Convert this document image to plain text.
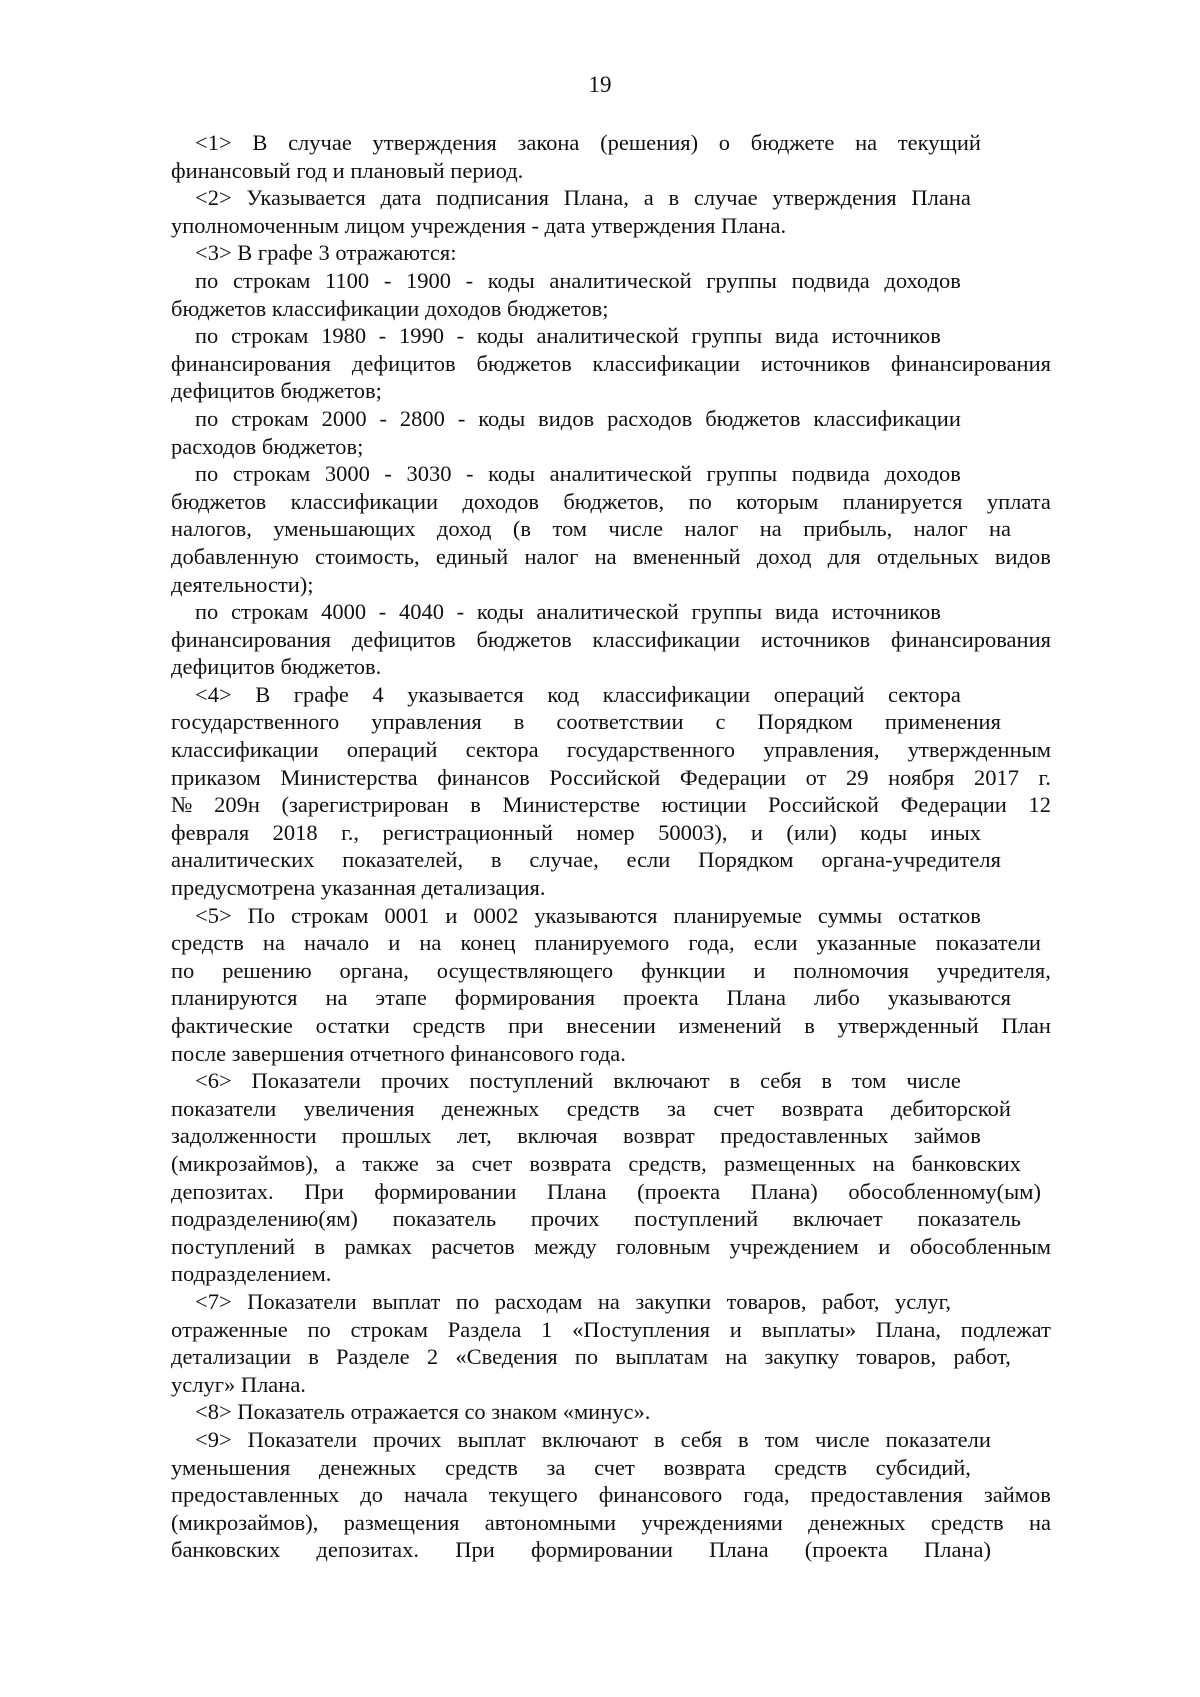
19
<1> В случае утверждения закона (решения) о бюджете на текущий
финансовый год и плановый период.
<2> Указывается дата подписания Плана, а в случае утверждения Плана
уполномоченным лицом учреждения - дата утверждения Плана.
<3> В графе 3 отражаются:
по строкам 1100 - 1900 - коды аналитической группы подвида доходов
бюджетов классификации доходов бюджетов;
по строкам 1980 - 1990 - коды аналитической группы вида источников
финансирования дефицитов бюджетов классификации источников финансирования
дефицитов бюджетов;
по строкам 2000 - 2800 - коды видов расходов бюджетов классификации
расходов бюджетов;
по строкам 3000 - 3030 - коды аналитической группы подвида доходов
бюджетов классификации доходов бюджетов, по которым планируется уплата
налогов, уменьшающих доход (в том числе налог на прибыль, налог на
добавленную стоимость, единый налог на вмененный доход для отдельных видов
деятельности);
по строкам 4000 - 4040 - коды аналитической группы вида источников
финансирования дефицитов бюджетов классификации источников финансирования
дефицитов бюджетов.
<4> В графе 4 указывается код классификации операций сектора
государственного управления в соответствии с Порядком применения
классификации операций сектора государственного управления, утвержденным
приказом Министерства финансов Российской Федерации от 29 ноября 2017 г.
№ 209н (зарегистрирован в Министерстве юстиции Российской Федерации 12
февраля 2018 г., регистрационный номер 50003), и (или) коды иных
аналитических показателей, в случае, если Порядком органа-учредителя
предусмотрена указанная детализация.
<5> По строкам 0001 и 0002 указываются планируемые суммы остатков
средств на начало и на конец планируемого года, если указанные показатели
по решению органа, осуществляющего функции и полномочия учредителя,
планируются на этапе формирования проекта Плана либо указываются
фактические остатки средств при внесении изменений в утвержденный План
после завершения отчетного финансового года.
<6> Показатели прочих поступлений включают в себя в том числе
показатели увеличения денежных средств за счет возврата дебиторской
задолженности прошлых лет, включая возврат предоставленных займов
(микрозаймов), а также за счет возврата средств, размещенных на банковских
депозитах. При формировании Плана (проекта Плана) обособленному(ым)
подразделению(ям) показатель прочих поступлений включает показатель
поступлений в рамках расчетов между головным учреждением и обособленным
подразделением.
<7> Показатели выплат по расходам на закупки товаров, работ, услуг,
отраженные по строкам Раздела 1 «Поступления и выплаты» Плана, подлежат
детализации в Разделе 2 «Сведения по выплатам на закупку товаров, работ,
услуг» Плана.
<8> Показатель отражается со знаком «минус».
<9> Показатели прочих выплат включают в себя в том числе показатели
уменьшения денежных средств за счет возврата средств субсидий,
предоставленных до начала текущего финансового года, предоставления займов
(микрозаймов), размещения автономными учреждениями денежных средств на
банковских депозитах. При формировании Плана (проекта Плана)
